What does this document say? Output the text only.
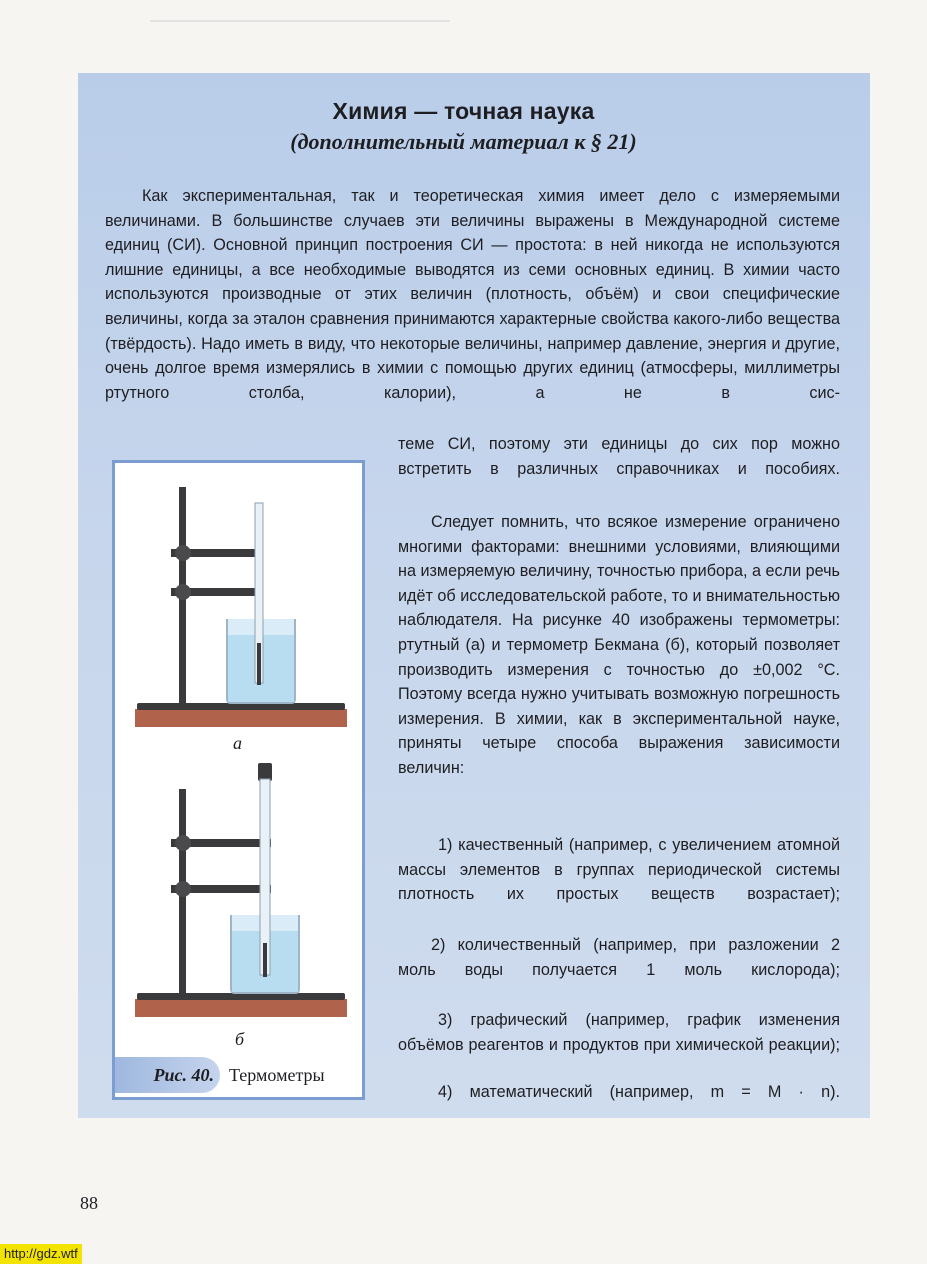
Химия — точная наука
(дополнительный материал к § 21)

Как экспериментальная, так и теоретическая химия имеет дело с измеряемыми величинами. В большинстве случаев эти величины выражены в Международной системе единиц (СИ). Основной принцип построения СИ — простота: в ней никогда не используются лишние единицы, а все необходимые выводятся из семи основных единиц. В химии часто используются производные от этих величин (плотность, объём) и свои специфические величины, когда за эталон сравнения принимаются характерные свойства какого-либо вещества (твёрдость). Надо иметь в виду, что некоторые величины, например давление, энергия и другие, очень долгое время измерялись в химии с помощью других единиц (атмосферы, миллиметры ртутного столба, калории), а не в сис-

теме СИ, поэтому эти единицы до сих пор можно встретить в различных справочниках и пособиях.

Следует помнить, что всякое измерение ограничено многими факторами: внешними условиями, влияющими на измеряемую величину, точностью прибора, а если речь идёт об исследовательской работе, то и внимательностью наблюдателя. На рисунке 40 изображены термометры: ртутный (а) и термометр Бекмана (б), который позволяет производить измерения с точностью до ±0,002 °С. Поэтому всегда нужно учитывать возможную погрешность измерения. В химии, как в экспериментальной науке, приняты четыре способа выражения зависимости величин:

1) качественный (например, с увеличением атомной массы элементов в группах периодической системы плотность их простых веществ возрастает);

2) количественный (например, при разложении 2 моль воды получается 1 моль кислорода);

3) графический (например, график изменения объёмов реагентов и продуктов при химической реакции);

4) математический (например, m = M · n).

а
б
Рис. 40. Термометры
88
http://gdz.wtf
